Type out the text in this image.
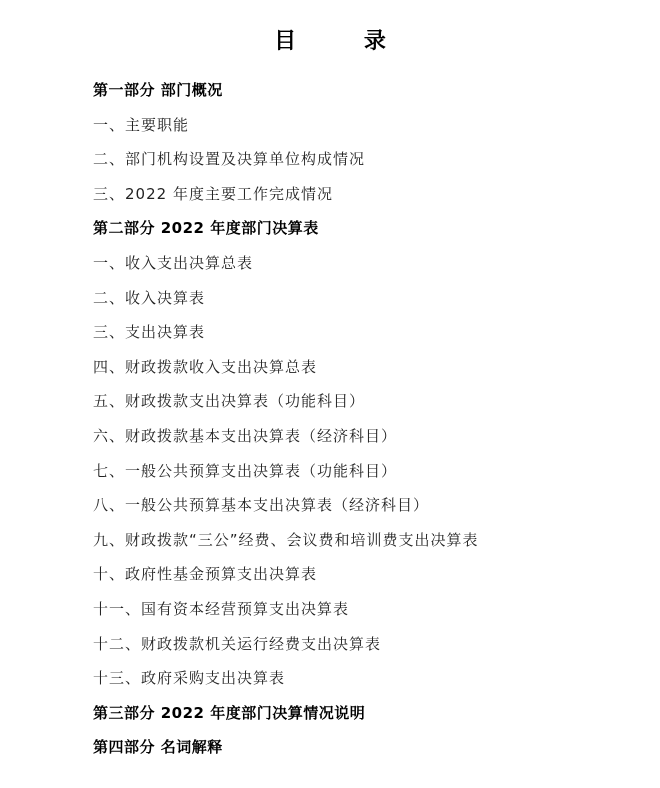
目 录
第一部分 部门概况
一、主要职能
二、部门机构设置及决算单位构成情况
三、2022 年度主要工作完成情况
第二部分 2022 年度部门决算表
一、收入支出决算总表
二、收入决算表
三、支出决算表
四、财政拨款收入支出决算总表
五、财政拨款支出决算表（功能科目）
六、财政拨款基本支出决算表（经济科目）
七、一般公共预算支出决算表（功能科目）
八、一般公共预算基本支出决算表（经济科目）
九、财政拨款“三公”经费、会议费和培训费支出决算表
十、政府性基金预算支出决算表
十一、国有资本经营预算支出决算表
十二、财政拨款机关运行经费支出决算表
十三、政府采购支出决算表
第三部分 2022 年度部门决算情况说明
第四部分 名词解释
